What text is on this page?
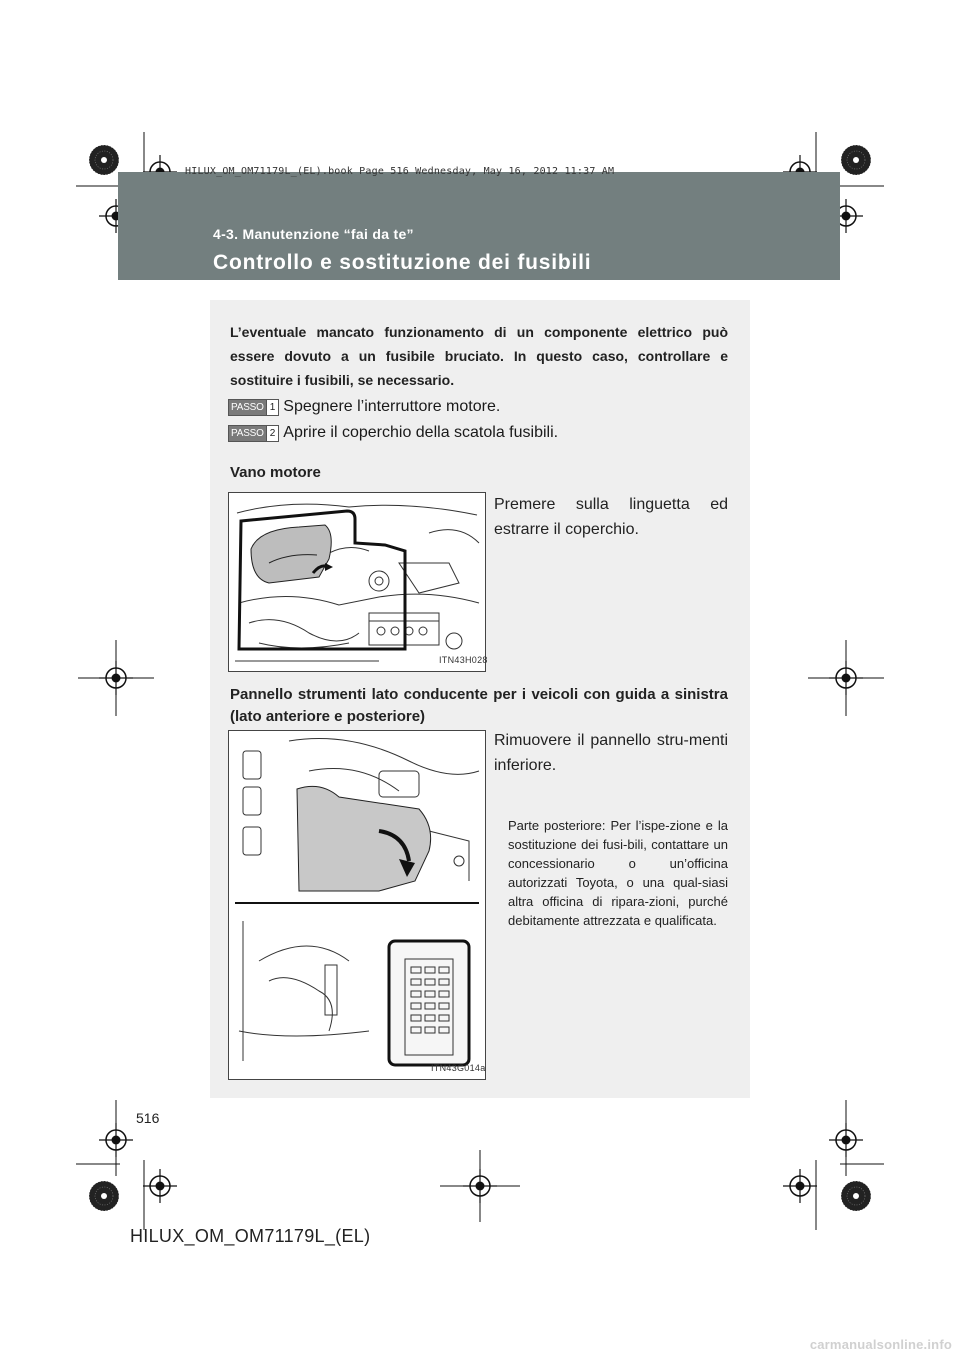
HILUX_OM_OM71179L_(EL).book Page 516 Wednesday, May 16, 2012 11:37 AM
4-3. Manutenzione “fai da te”
Controllo e sostituzione dei fusibili
L’eventuale mancato funzionamento di un componente elettrico può essere dovuto a un fusibile bruciato. In questo caso, controllare e sostituire i fusibili, se necessario.
PASSO 1 Spegnere l’interruttore motore.
PASSO 2 Aprire il coperchio della scatola fusibili.
Vano motore
ITN43H028
Premere sulla linguetta ed estrarre il coperchio.
Pannello strumenti lato conducente per i veicoli con guida a sinistra (lato anteriore e posteriore)
ITN43G014a
Rimuovere il pannello stru-menti inferiore.
Parte posteriore: Per l’ispe-zione e la sostituzione dei fusi-bili, contattare un concessionario o un’officina autorizzati Toyota, o una qual-siasi altra officina di ripara-zioni, purché debitamente attrezzata e qualificata.
516
HILUX_OM_OM71179L_(EL)
carmanualsonline.info
